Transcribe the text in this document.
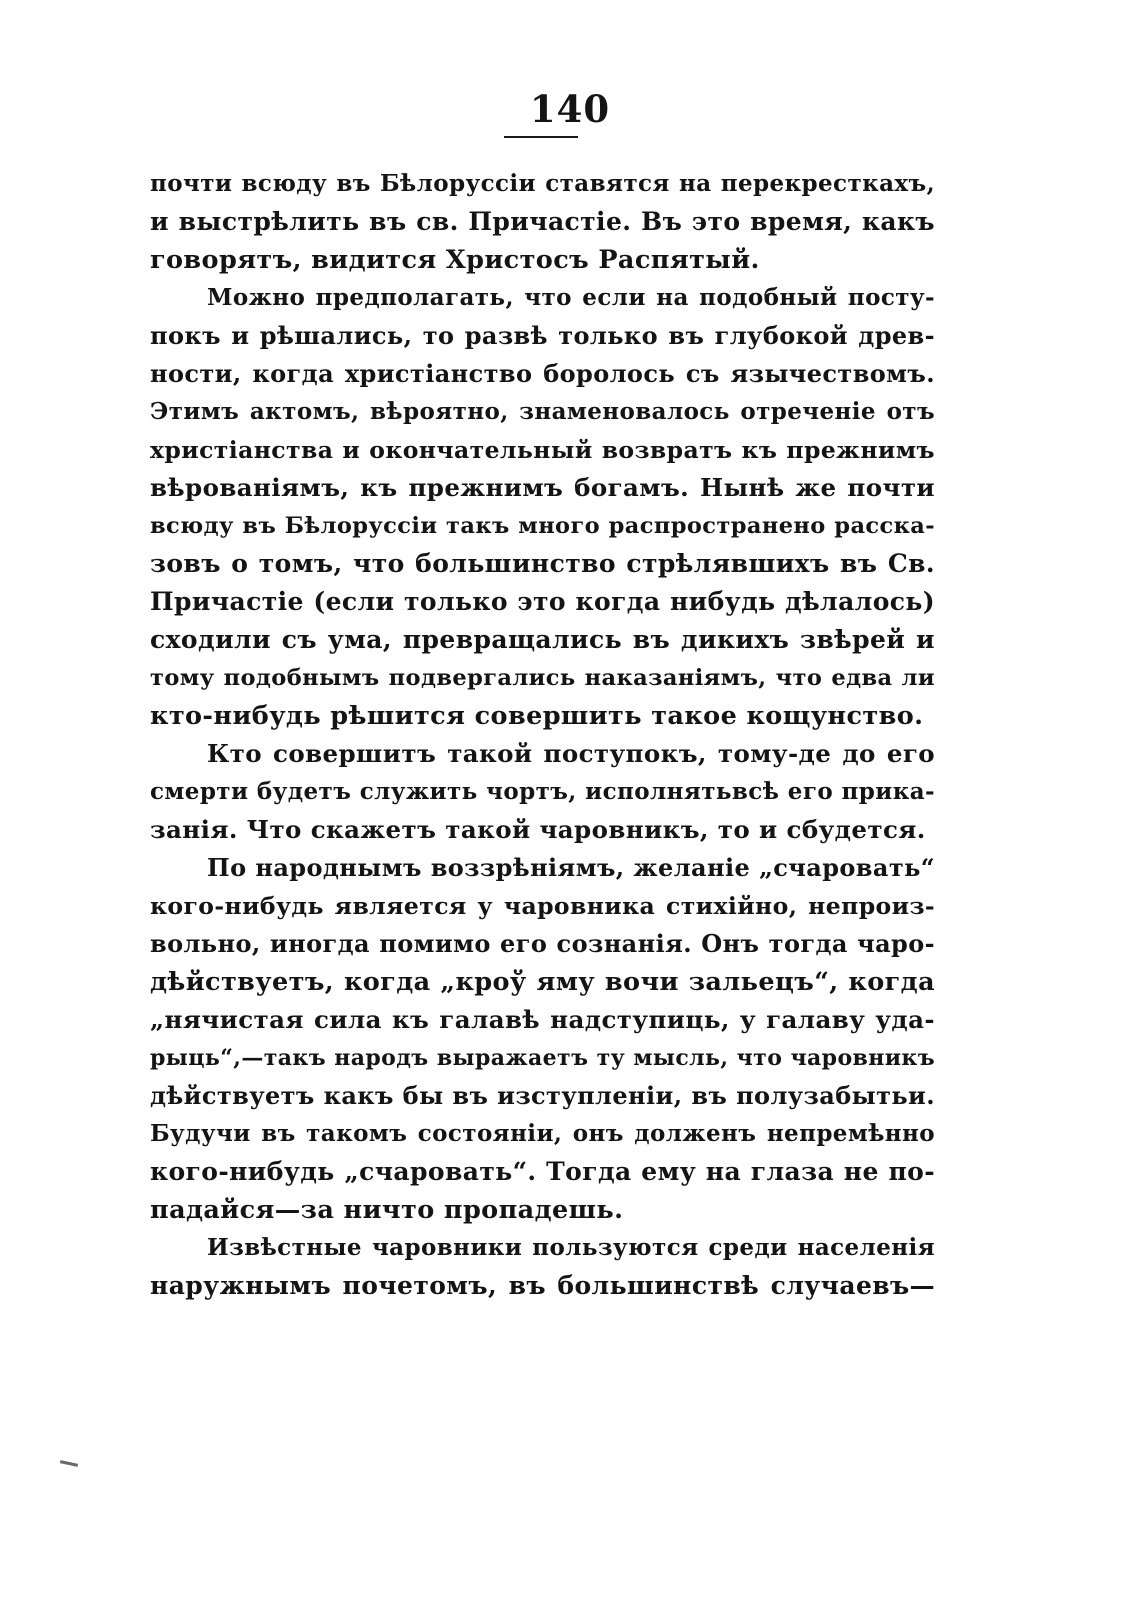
140
почти всюду въ Бѣлоруссіи ставятся на перекресткахъ,
и выстрѣлить въ св. Причастіе. Въ это время, какъ
говорятъ, видится Христосъ Распятый.
Можно предполагать, что если на подобный посту-
покъ и рѣшались, то развѣ только въ глубокой древ-
ности, когда христіанство боролось съ язычествомъ.
Этимъ актомъ, вѣроятно, знаменовалось отреченіе отъ
христіанства и окончательный возвратъ къ прежнимъ
вѣрованіямъ, къ прежнимъ богамъ. Нынѣ же почти
всюду въ Бѣлоруссіи такъ много распространено расска-
зовъ о томъ, что большинство стрѣлявшихъ въ Св.
Причастіе (если только это когда нибудь дѣлалось)
сходили съ ума, превращались въ дикихъ звѣрей и
тому подобнымъ подвергались наказаніямъ, что едва ли
кто-нибудь рѣшится совершить такое кощунство.
Кто совершитъ такой поступокъ, тому-де до его
смерти будетъ служить чортъ, исполнятьвсѣ его прика-
занія. Что скажетъ такой чаровникъ, то и сбудется.
По народнымъ воззрѣніямъ, желаніе „счаровать“
кого-нибудь является у чаровника стихійно, непроиз-
вольно, иногда помимо его сознанія. Онъ тогда чаро-
дѣйствуетъ, когда „кроў яму вочи зальецъ“, когда
„нячистая сила къ галавѣ надступиць, у галаву уда-
рыць“,—такъ народъ выражаетъ ту мысль, что чаровникъ
дѣйствуетъ какъ бы въ изступленіи, въ полузабытьи.
Будучи въ такомъ состояніи, онъ долженъ непремѣнно
кого-нибудь „счаровать“. Тогда ему на глаза не по-
падайся—за ничто пропадешь.
Извѣстные чаровники пользуются среди населенія
наружнымъ почетомъ, въ большинствѣ случаевъ—
